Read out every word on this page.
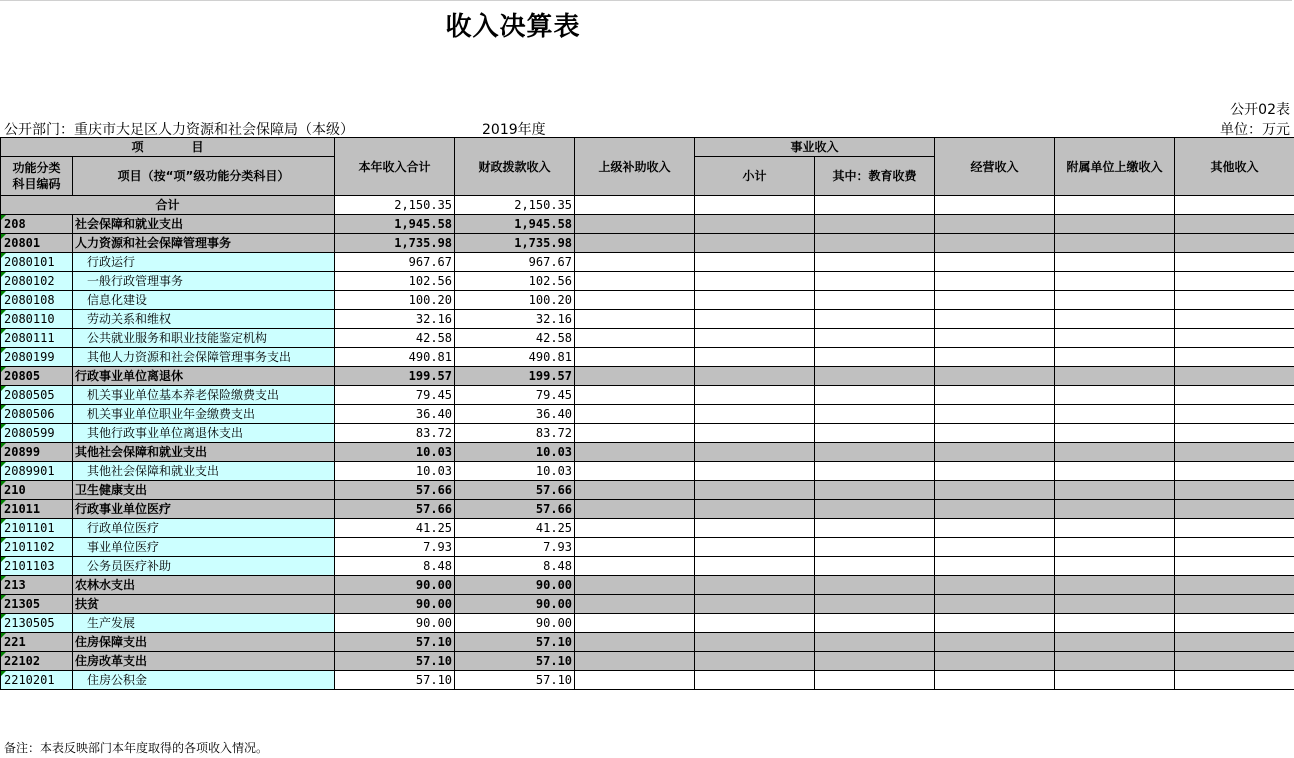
收入决算表
公开02表
公开部门：重庆市大足区人力资源和社会保障局（本级）	2019年度	单位：万元
项　　　　目		本年收入合计	财政拨款收入	上级补助收入	事业收入		经营收入	附属单位上缴收入	其他收入
功能分类科目编码	项目（按“项”级功能分类科目）								
					小计	其中：教育收费			
合计		2,150.35	2,150.35						

208	社会保障和就业支出	1,945.58	1,945.58						

20801	人力资源和社会保障管理事务	1,735.98	1,735.98						

2080101	行政运行	967.67	967.67						

2080102	一般行政管理事务	102.56	102.56						

2080108	信息化建设	100.20	100.20						

2080110	劳动关系和维权	32.16	32.16						

2080111	公共就业服务和职业技能鉴定机构	42.58	42.58						

2080199	其他人力资源和社会保障管理事务支出	490.81	490.81						

20805	行政事业单位离退休	199.57	199.57						

2080505	机关事业单位基本养老保险缴费支出	79.45	79.45						

2080506	机关事业单位职业年金缴费支出	36.40	36.40						

2080599	其他行政事业单位离退休支出	83.72	83.72						

20899	其他社会保障和就业支出	10.03	10.03						

2089901	其他社会保障和就业支出	10.03	10.03						

210	卫生健康支出	57.66	57.66						

21011	行政事业单位医疗	57.66	57.66						

2101101	行政单位医疗	41.25	41.25						

2101102	事业单位医疗	7.93	7.93						

2101103	公务员医疗补助	8.48	8.48						

213	农林水支出	90.00	90.00						

21305	扶贫	90.00	90.00						

2130505	生产发展	90.00	90.00						

221	住房保障支出	57.10	57.10						

22102	住房改革支出	57.10	57.10						

2210201	住房公积金	57.10	57.10						
备注：本表反映部门本年度取得的各项收入情况。
